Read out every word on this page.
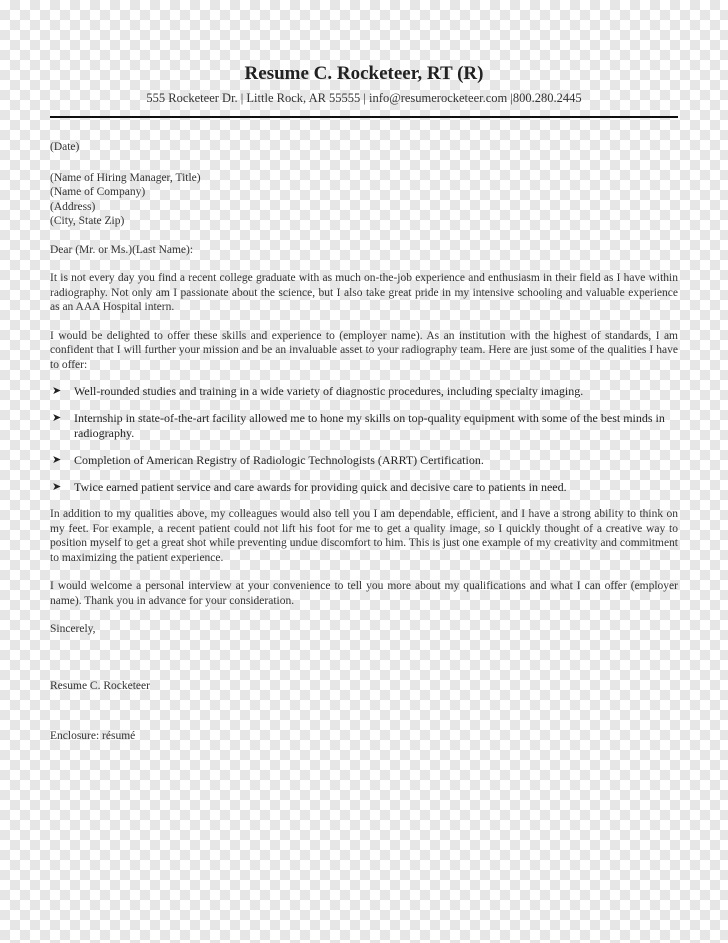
Resume C. Rocketeer, RT (R)
555 Rocketeer Dr. | Little Rock, AR 55555 | info@resumerocketeer.com |800.280.2445
(Date)
(Name of Hiring Manager, Title)
(Name of Company)
(Address)
(City, State Zip)
Dear (Mr. or Ms.)(Last Name):
It is not every day you find a recent college graduate with as much on-the-job experience and enthusiasm in their field as I have within radiography. Not only am I passionate about the science, but I also take great pride in my intensive schooling and valuable experience as an AAA Hospital intern.
I would be delighted to offer these skills and experience to (employer name). As an institution with the highest of standards, I am confident that I will further your mission and be an invaluable asset to your radiography team. Here are just some of the qualities I have to offer:
➤	Well-rounded studies and training in a wide variety of diagnostic procedures, including specialty imaging.
➤	Internship in state-of-the-art facility allowed me to hone my skills on top-quality equipment with some of the best minds in radiography.
➤	Completion of American Registry of Radiologic Technologists (ARRT) Certification.
➤	Twice earned patient service and care awards for providing quick and decisive care to patients in need.
In addition to my qualities above, my colleagues would also tell you I am dependable, efficient, and I have a strong ability to think on my feet. For example, a recent patient could not lift his foot for me to get a quality image, so I quickly thought of a creative way to position myself to get a great shot while preventing undue discomfort to him. This is just one example of my creativity and commitment to maximizing the patient experience.
I would welcome a personal interview at your convenience to tell you more about my qualifications and what I can offer (employer name). Thank you in advance for your consideration.
Sincerely,
Resume C. Rocketeer
Enclosure: résumé
